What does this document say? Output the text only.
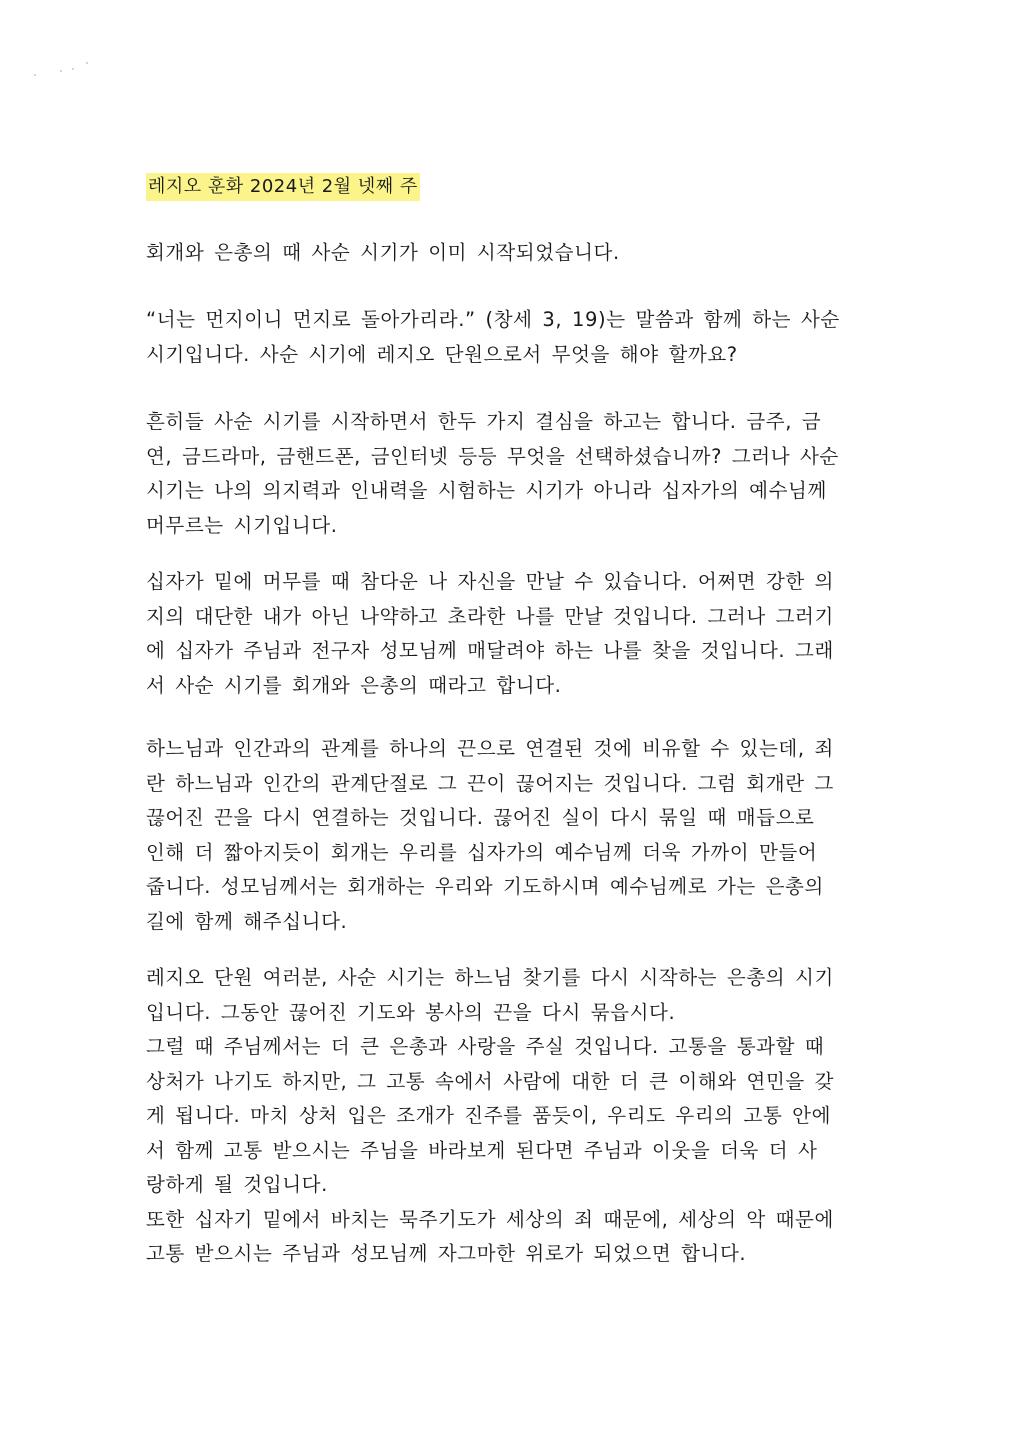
레지오 훈화 2024년 2월 넷째 주
회개와 은총의 때 사순 시기가 이미 시작되었습니다.
“너는 먼지이니 먼지로 돌아가리라.” (창세 3, 19)는 말씀과 함께 하는 사순
시기입니다. 사순 시기에 레지오 단원으로서 무엇을 해야 할까요?
흔히들 사순 시기를 시작하면서 한두 가지 결심을 하고는 합니다. 금주, 금
연, 금드라마, 금핸드폰, 금인터넷 등등 무엇을 선택하셨습니까? 그러나 사순
시기는 나의 의지력과 인내력을 시험하는 시기가 아니라 십자가의 예수님께
머무르는 시기입니다.
십자가 밑에 머무를 때 참다운 나 자신을 만날 수 있습니다. 어쩌면 강한 의
지의 대단한 내가 아닌 나약하고 초라한 나를 만날 것입니다. 그러나 그러기
에 십자가 주님과 전구자 성모님께 매달려야 하는 나를 찾을 것입니다. 그래
서 사순 시기를 회개와 은총의 때라고 합니다.
하느님과 인간과의 관계를 하나의 끈으로 연결된 것에 비유할 수 있는데, 죄
란 하느님과 인간의 관계단절로 그 끈이 끊어지는 것입니다. 그럼 회개란 그
끊어진 끈을 다시 연결하는 것입니다. 끊어진 실이 다시 묶일 때 매듭으로
인해 더 짧아지듯이 회개는 우리를 십자가의 예수님께 더욱 가까이 만들어
줍니다. 성모님께서는 회개하는 우리와 기도하시며 예수님께로 가는 은총의
길에 함께 해주십니다.
레지오 단원 여러분, 사순 시기는 하느님 찾기를 다시 시작하는 은총의 시기
입니다. 그동안 끊어진 기도와 봉사의 끈을 다시 묶읍시다.
그럴 때 주님께서는 더 큰 은총과 사랑을 주실 것입니다. 고통을 통과할 때
상처가 나기도 하지만, 그 고통 속에서 사람에 대한 더 큰 이해와 연민을 갖
게 됩니다. 마치 상처 입은 조개가 진주를 품듯이, 우리도 우리의 고통 안에
서 함께 고통 받으시는 주님을 바라보게 된다면 주님과 이웃을 더욱 더 사
랑하게 될 것입니다.
또한 십자기 밑에서 바치는 묵주기도가 세상의 죄 때문에, 세상의 악 때문에
고통 받으시는 주님과 성모님께 자그마한 위로가 되었으면 합니다.
